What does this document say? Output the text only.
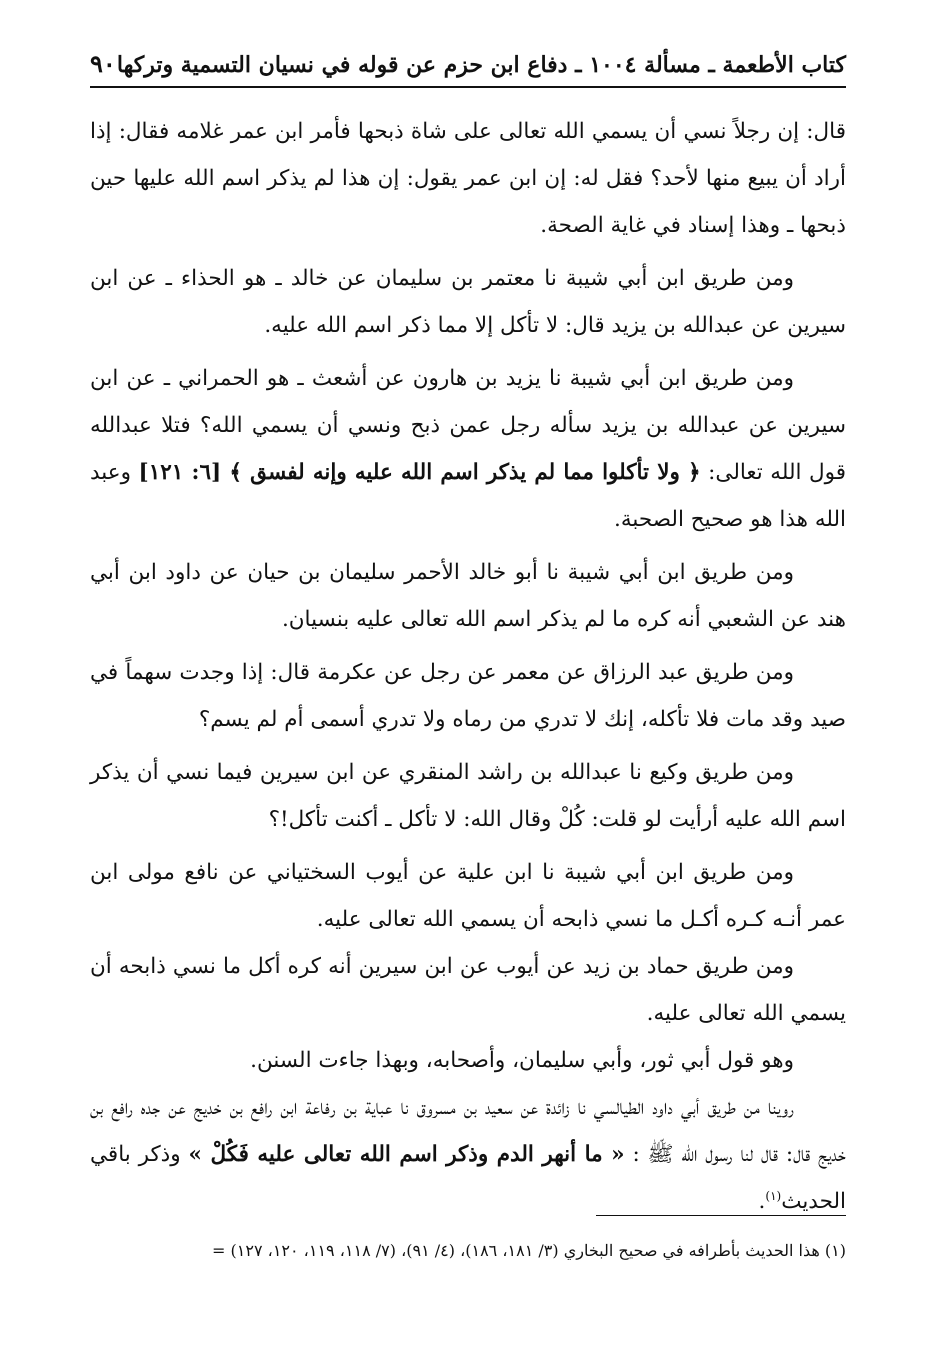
كتاب الأطعمة ـ مسألة ١٠٠٤ ـ دفاع ابن حزم عن قوله في نسيان التسمية وتركها
٩٠

قال: إن رجلاً نسي أن يسمي الله تعالى على شاة ذبحها فأمر ابن عمر غلامه فقال: إذا أراد أن يبيع منها لأحد؟ فقل له: إن ابن عمر يقول: إن هذا لم يذكر اسم الله عليها حين ذبحها ـ وهذا إسناد في غاية الصحة.

ومن طريق ابن أبي شيبة نا معتمر بن سليمان عن خالد ـ هو الحذاء ـ عن ابن سيرين عن عبدالله بن يزيد قال: لا تأكل إلا مما ذكر اسم الله عليه.

ومن طريق ابن أبي شيبة نا يزيد بن هارون عن أشعث ـ هو الحمراني ـ عن ابن سيرين عن عبدالله بن يزيد سأله رجل عمن ذبح ونسي أن يسمي الله؟ فتلا عبدالله قول الله تعالى: ﴿ ولا تأكلوا مما لم يذكر اسم الله عليه وإنه لفسق ﴾ [٦: ١٢١] وعبد الله هذا هو صحيح الصحبة.

ومن طريق ابن أبي شيبة نا أبو خالد الأحمر سليمان بن حيان عن داود ابن أبي هند عن الشعبي أنه كره ما لم يذكر اسم الله تعالى عليه بنسيان.

ومن طريق عبد الرزاق عن معمر عن رجل عن عكرمة قال: إذا وجدت سهماً في صيد وقد مات فلا تأكله، إنك لا تدري من رماه ولا تدري أسمى أم لم يسم؟

ومن طريق وكيع نا عبدالله بن راشد المنقري عن ابن سيرين فيما نسي أن يذكر اسم الله عليه أرأيت لو قلت: كُلْ وقال الله: لا تأكل ـ أكنت تأكل!؟

ومن طريق ابن أبي شيبة نا ابن علية عن أيوب السختياني عن نافع مولى ابن عمر أنـه كـره أكـل ما نسي ذابحه أن يسمي الله تعالى عليه.

ومن طريق حماد بن زيد عن أيوب عن ابن سيرين أنه كره أكل ما نسي ذابحه أن يسمي الله تعالى عليه.

وهو قول أبي ثور، وأبي سليمان، وأصحابه، وبهذا جاءت السنن.

روينا من طريق أبي داود الطيالسي نا زائدة عن سعيد بن مسروق نا عباية بن رفاعة ابن رافع بن خديج عن جده رافع بن خديج قال: قال لنا رسول الله ﷺ : « ما أنهر الدم وذكر اسم الله تعالى عليه فَكُلْ » وذكر باقي الحديث$^{(١)}$.

(١) هذا الحديث بأطرافه في صحيح البخاري (٣/ ١٨١، ١٨٦)، (٤/ ٩١)، (٧/ ١١٨، ١١٩، ١٢٠، ١٢٧) =
